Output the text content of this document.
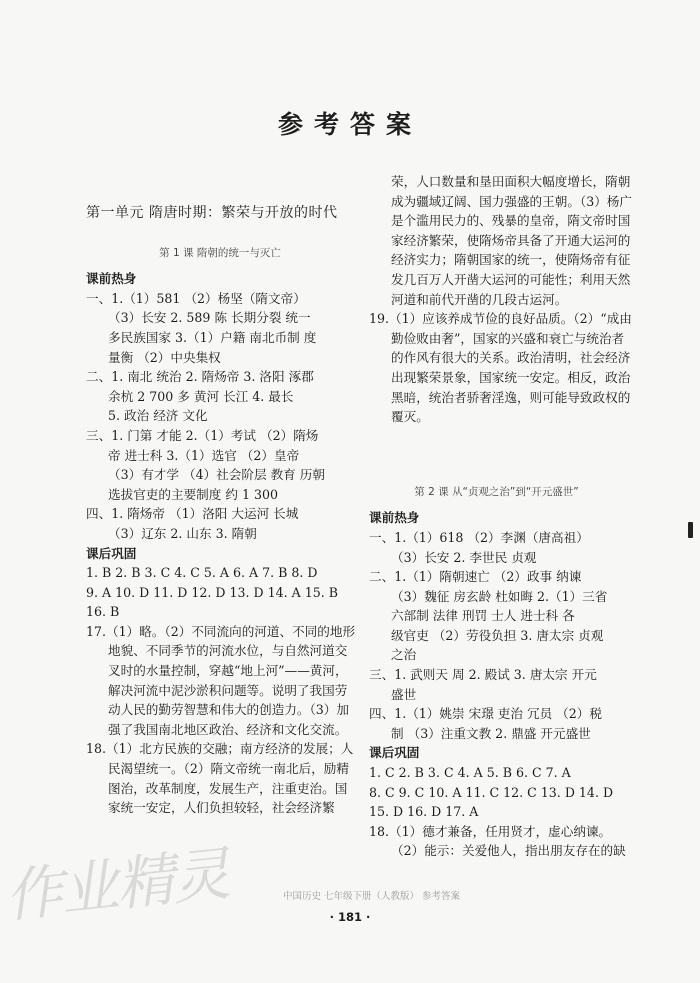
作业精灵
参考答案
第一单元 隋唐时期：繁荣与开放的时代
第 1 课 隋朝的统一与灭亡
课前热身
一、1.（1）581 （2）杨坚（隋文帝）
（3）长安 2. 589 陈 长期分裂 统一
多民族国家 3.（1）户籍 南北币制 度
量衡 （2）中央集权
二、1. 南北 统治 2. 隋炀帝 3. 洛阳 涿郡
余杭 2 700 多 黄河 长江 4. 最长
5. 政治 经济 文化
三、1. 门第 才能 2.（1）考试 （2）隋炀
帝 进士科 3.（1）选官 （2）皇帝
（3）有才学 （4）社会阶层 教育 历朝
选拔官吏的主要制度 约 1 300
四、1. 隋炀帝 （1）洛阳 大运河 长城
（3）辽东 2. 山东 3. 隋朝
课后巩固
1. B 2. B 3. C 4. C 5. A 6. A 7. B 8. D
9. A 10. D 11. D 12. D 13. D 14. A 15. B
16. B
17.（1）略。（2）不同流向的河道、不同的地形
地貌、不同季节的河流水位，与自然河道交
叉时的水量控制，穿越“地上河”——黄河，
解决河流中泥沙淤积问题等。说明了我国劳
动人民的勤劳智慧和伟大的创造力。（3）加
强了我国南北地区政治、经济和文化交流。
18.（1）北方民族的交融；南方经济的发展；人
民渴望统一。（2）隋文帝统一南北后，励精
图治，改革制度，发展生产，注重吏治。国
家统一安定，人们负担较轻，社会经济繁
荣，人口数量和垦田面积大幅度增长，隋朝
成为疆域辽阔、国力强盛的王朝。（3）杨广
是个滥用民力的、残暴的皇帝，隋文帝时国
家经济繁荣，使隋炀帝具备了开通大运河的
经济实力；隋朝国家的统一，使隋炀帝有征
发几百万人开凿大运河的可能性；利用天然
河道和前代开凿的几段古运河。
19.（1）应该养成节俭的良好品质。（2）“成由
勤俭败由奢”，国家的兴盛和衰亡与统治者
的作风有很大的关系。政治清明，社会经济
出现繁荣景象，国家统一安定。相反，政治
黑暗，统治者骄奢淫逸，则可能导致政权的
覆灭。
第 2 课 从“贞观之治”到“开元盛世”
课前热身
一、1.（1）618 （2）李渊（唐高祖）
（3）长安 2. 李世民 贞观
二、1.（1）隋朝速亡 （2）政事 纳谏
（3）魏征 房玄龄 杜如晦 2.（1）三省
六部制 法律 刑罚 士人 进士科 各
级官吏 （2）劳役负担 3. 唐太宗 贞观
之治
三、1. 武则天 周 2. 殿试 3. 唐太宗 开元
盛世
四、1.（1）姚崇 宋璟 吏治 冗员 （2）税
制 （3）注重文教 2. 鼎盛 开元盛世
课后巩固
1. C 2. B 3. C 4. A 5. B 6. C 7. A
8. C 9. C 10. A 11. C 12. C 13. D 14. D
15. D 16. D 17. A
18.（1）德才兼备，任用贤才，虚心纳谏。
（2）能示：关爱他人，指出朋友存在的缺
中国历史 七年级下册（人教版） 参考答案
· 181 ·
